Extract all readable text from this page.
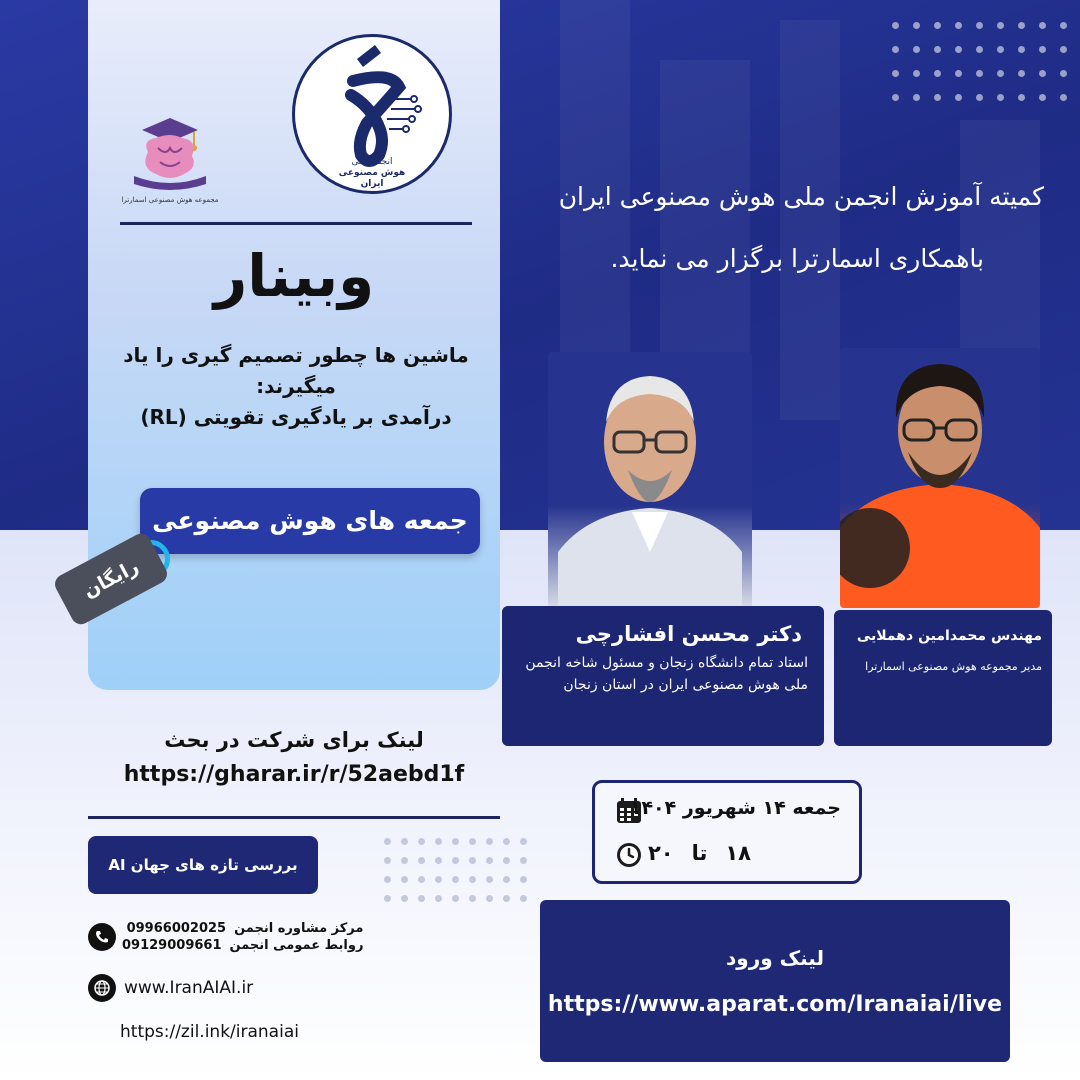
کمیته آموزش انجمن ملی هوش مصنوعی ایران
باهمکاری اسمارترا برگزار می نماید.
انجمن ملی
هوش مصنوعی ایران
مجموعه هوش مصنوعی اسمارترا
وبینار
ماشین ها چطور تصمیم گیری را یاد میگیرند:
درآمدی بر یادگیری تقویتی (RL)
جمعه های هوش مصنوعی
رایگان
لینک برای شرکت در بحث
https://gharar.ir/r/52aebd1f
بررسی تازه های جهان AI
مرکز مشاوره انجمن
09966002025
روابط عمومی انجمن
09129009661
www.IranAIAI.ir
https://zil.ink/iranaiai
دکتر محسن افشارچی
استاد تمام دانشگاه زنجان و مسئول شاخه انجمن ملی هوش مصنوعی ایران در استان زنجان
مهندس محمدامین دهملایی
مدیر مجموعه هوش مصنوعی اسمارترا
جمعه ۱۴ شهریور ۱۴۰۴
۱۸
تا
۲۰
لینک ورود
https://www.aparat.com/Iranaiai/live
